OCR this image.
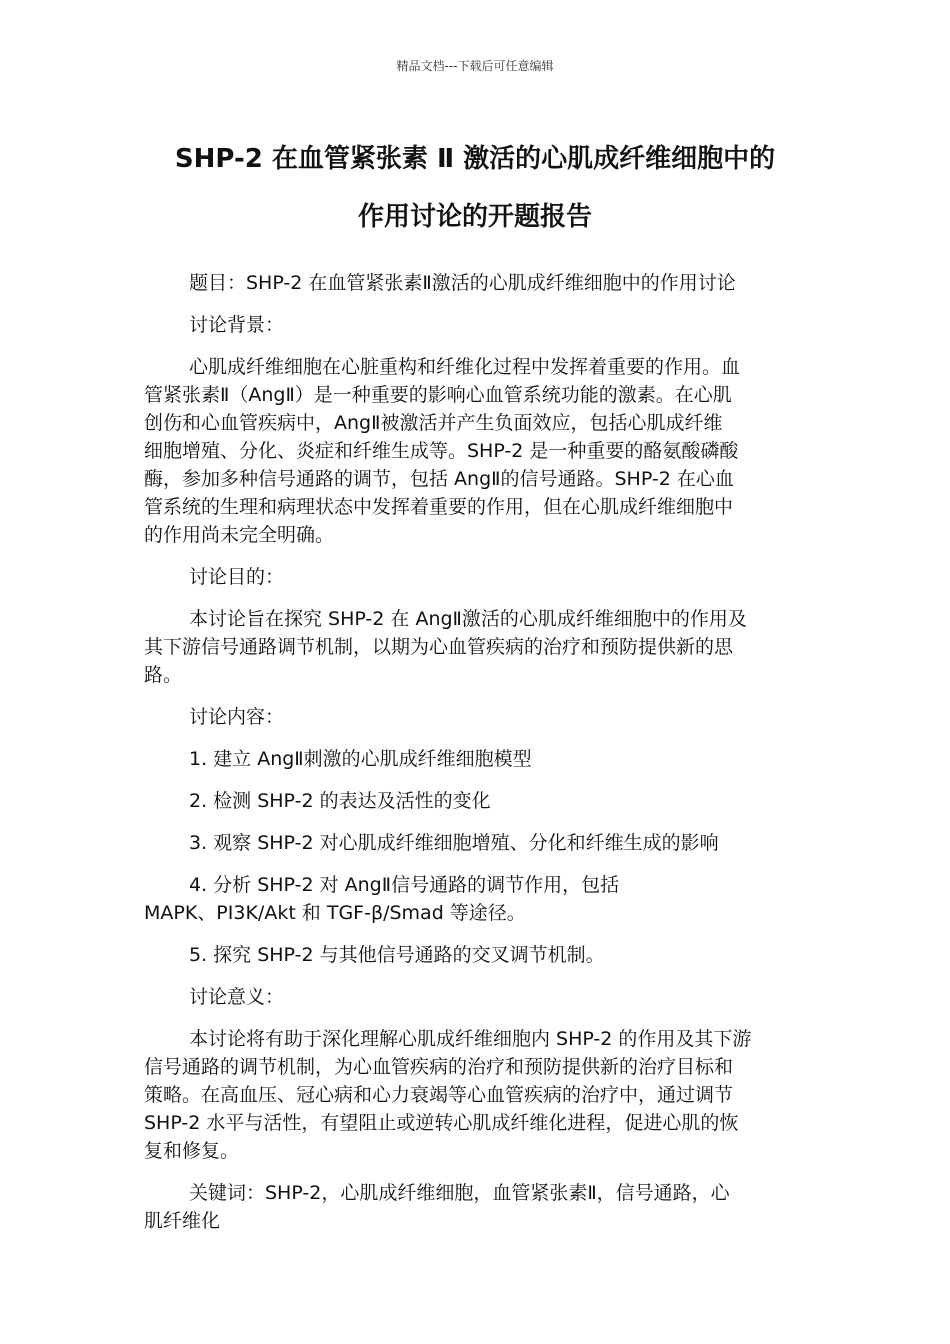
精品文档---下载后可任意编辑
SHP-2 在血管紧张素 Ⅱ 激活的心肌成纤维细胞中的
作用讨论的开题报告

题目：SHP-2 在血管紧张素Ⅱ激活的心肌成纤维细胞中的作用讨论

讨论背景：

心肌成纤维细胞在心脏重构和纤维化过程中发挥着重要的作用。血
管紧张素Ⅱ（AngⅡ）是一种重要的影响心血管系统功能的激素。在心肌
创伤和心血管疾病中，AngⅡ被激活并产生负面效应，包括心肌成纤维
细胞增殖、分化、炎症和纤维生成等。SHP-2 是一种重要的酪氨酸磷酸
酶，参加多种信号通路的调节，包括 AngⅡ的信号通路。SHP-2 在心血
管系统的生理和病理状态中发挥着重要的作用，但在心肌成纤维细胞中
的作用尚未完全明确。

讨论目的：

本讨论旨在探究 SHP-2 在 AngⅡ激活的心肌成纤维细胞中的作用及
其下游信号通路调节机制，以期为心血管疾病的治疗和预防提供新的思
路。

讨论内容：

1. 建立 AngⅡ刺激的心肌成纤维细胞模型

2. 检测 SHP-2 的表达及活性的变化

3. 观察 SHP-2 对心肌成纤维细胞增殖、分化和纤维生成的影响

4. 分析 SHP-2 对 AngⅡ信号通路的调节作用，包括
MAPK、PI3K/Akt 和 TGF-β/Smad 等途径。

5. 探究 SHP-2 与其他信号通路的交叉调节机制。

讨论意义：

本讨论将有助于深化理解心肌成纤维细胞内 SHP-2 的作用及其下游
信号通路的调节机制，为心血管疾病的治疗和预防提供新的治疗目标和
策略。在高血压、冠心病和心力衰竭等心血管疾病的治疗中，通过调节
SHP-2 水平与活性，有望阻止或逆转心肌成纤维化进程，促进心肌的恢
复和修复。

关键词：SHP-2，心肌成纤维细胞，血管紧张素Ⅱ，信号通路，心
肌纤维化
